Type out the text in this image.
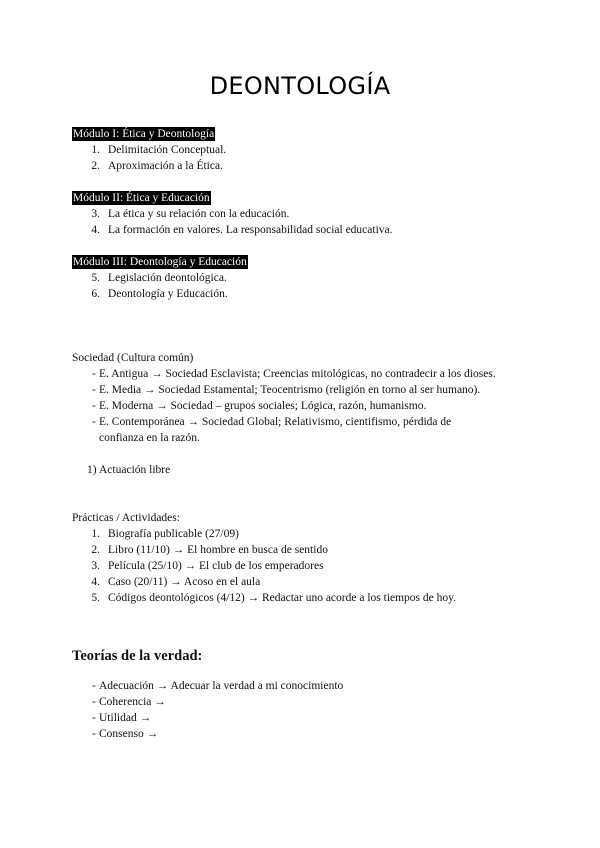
DEONTOLOGÍA
Módulo I: Ética y Deontología
1. Delimitación Conceptual.
2. Aproximación a la Ética.
Módulo II: Ética y Educación
3. La ética y su relación con la educación.
4. La formación en valores. La responsabilidad social educativa.
Módulo III: Deontología y Educación
5. Legislación deontológica.
6. Deontología y Educación.
Sociedad (Cultura común)
- E. Antigua → Sociedad Esclavista; Creencias mitológicas, no contradecir a los dioses.
- E. Media → Sociedad Estamental; Teocentrismo (religión en torno al ser humano).
- E. Moderna → Sociedad – grupos sociales; Lógica, razón, humanismo.
- E. Contemporánea → Sociedad Global; Relativismo, cientifismo, pérdida de confianza en la razón.
1) Actuación libre
Prácticas / Actividades:
1. Biografía publicable (27/09)
2. Libro (11/10) → El hombre en busca de sentido
3. Película (25/10) → El club de los emperadores
4. Caso (20/11) → Acoso en el aula
5. Códigos deontológicos (4/12) → Redactar uno acorde a los tiempos de hoy.
Teorías de la verdad:
- Adecuación → Adecuar la verdad a mi conocimiento
- Coherencia →
- Utilidad →
- Consenso →
